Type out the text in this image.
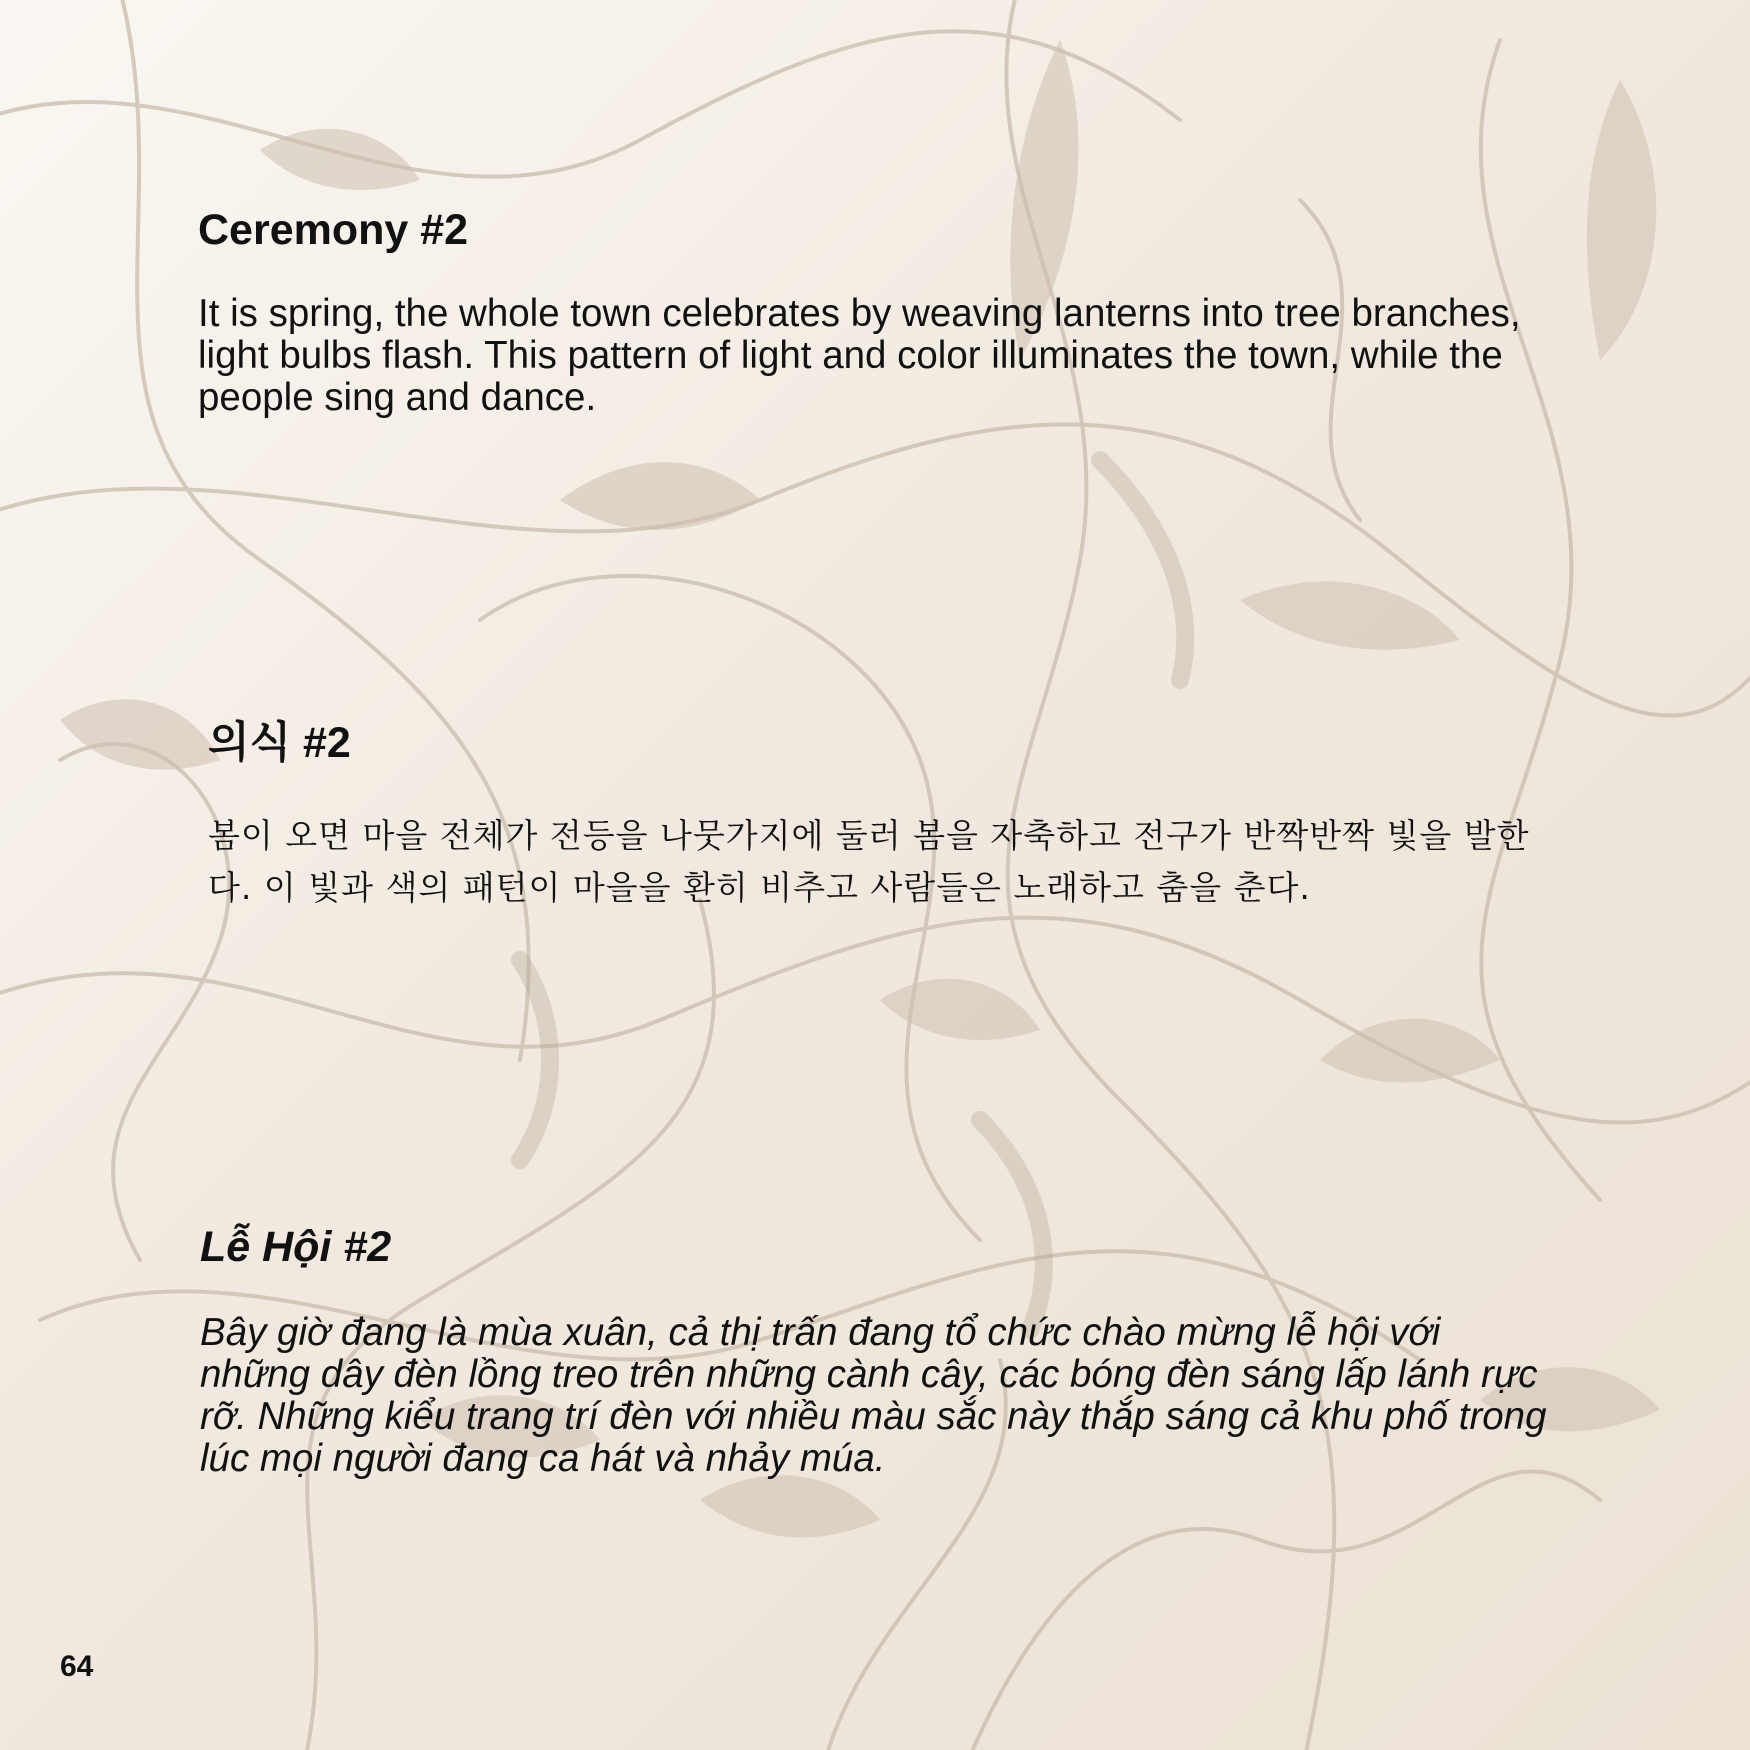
Ceremony #2

It is spring, the whole town celebrates by weaving lanterns into tree branches, light bulbs flash. This pattern of light and color illuminates the town, while the people sing and dance.

의식 #2

봄이 오면 마을 전체가 전등을 나뭇가지에 둘러 봄을 자축하고 전구가 반짝반짝 빛을 발한다. 이 빛과 색의 패턴이 마을을 환히 비추고 사람들은 노래하고 춤을 춘다.

Lễ Hội #2

Bây giờ đang là mùa xuân, cả thị trấn đang tổ chức chào mừng lễ hội với những dây đèn lồng treo trên những cành cây, các bóng đèn sáng lấp lánh rực rỡ. Những kiểu trang trí đèn với nhiều màu sắc này thắp sáng cả khu phố trong lúc mọi người đang ca hát và nhảy múa.

64
